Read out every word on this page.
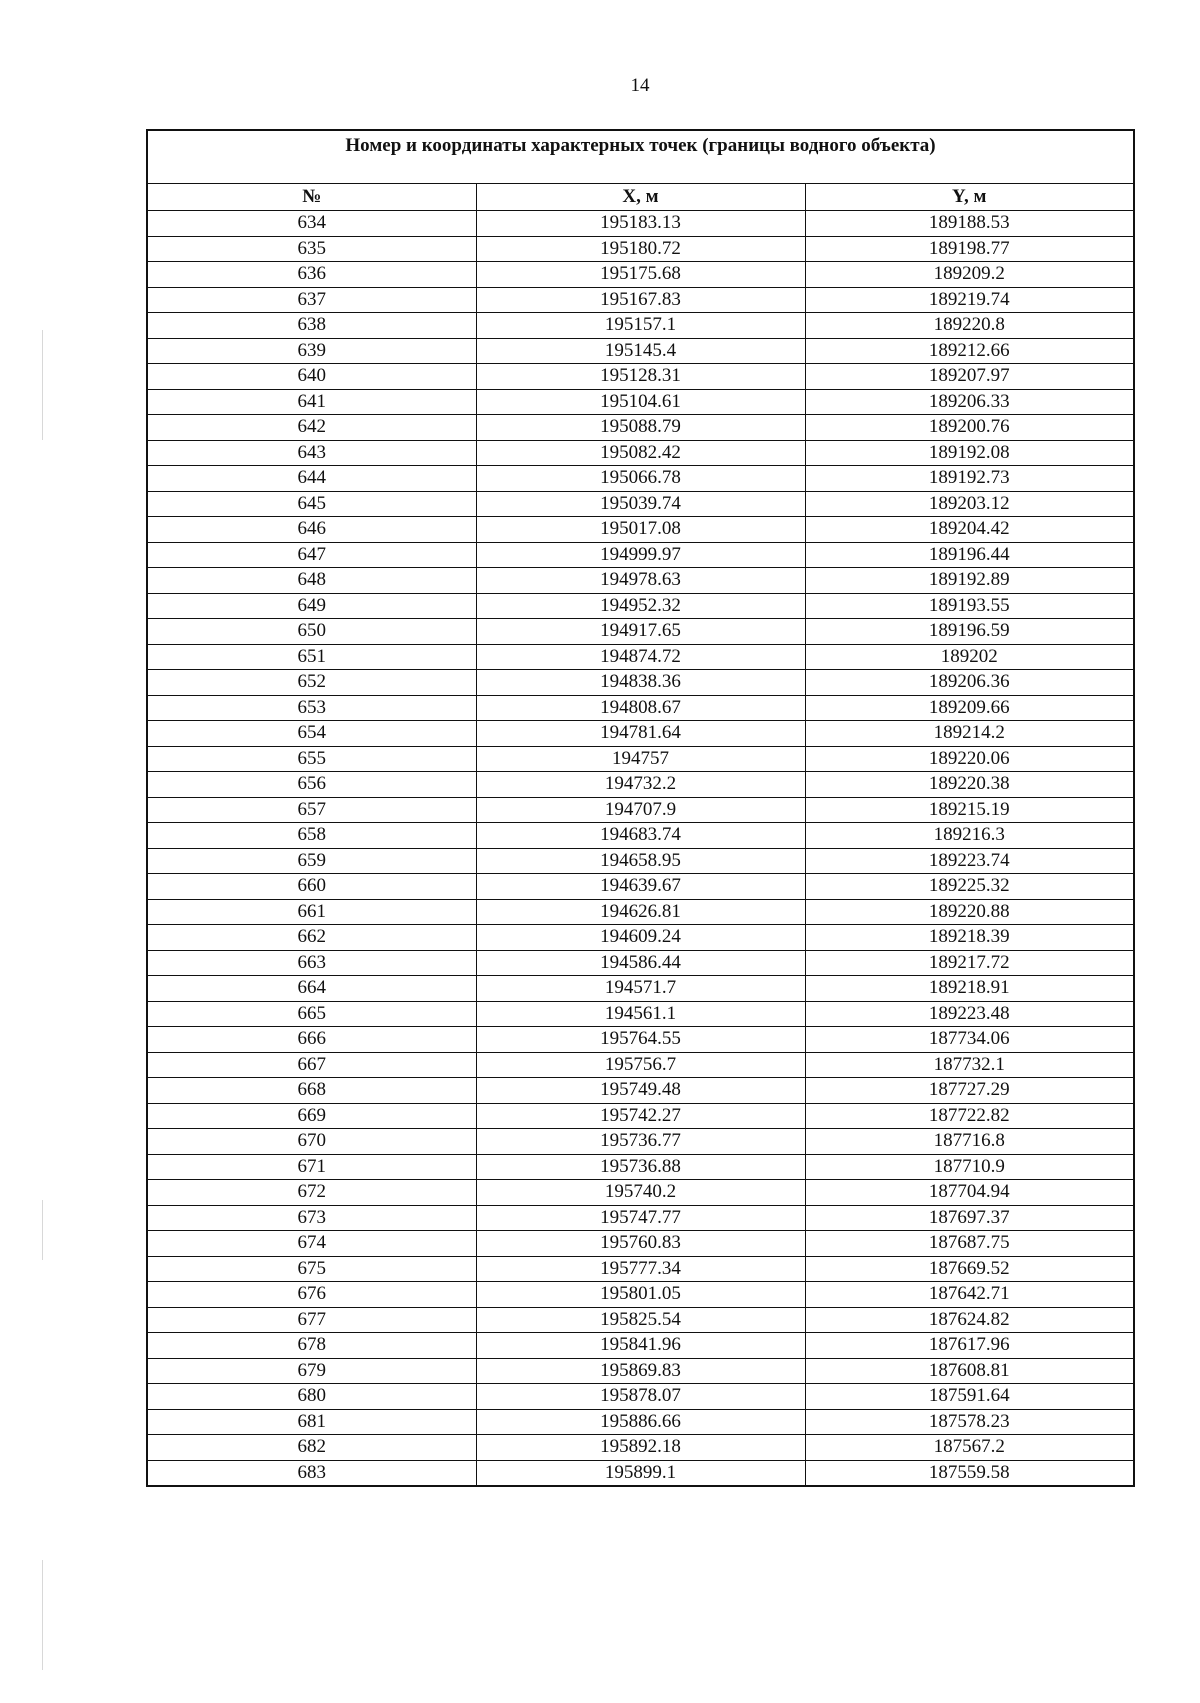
14
Номер и координаты характерных точек (границы водного объекта)		
№	X, м	Y, м
634	195183.13	189188.53
635	195180.72	189198.77
636	195175.68	189209.2
637	195167.83	189219.74
638	195157.1	189220.8
639	195145.4	189212.66
640	195128.31	189207.97
641	195104.61	189206.33
642	195088.79	189200.76
643	195082.42	189192.08
644	195066.78	189192.73
645	195039.74	189203.12
646	195017.08	189204.42
647	194999.97	189196.44
648	194978.63	189192.89
649	194952.32	189193.55
650	194917.65	189196.59
651	194874.72	189202
652	194838.36	189206.36
653	194808.67	189209.66
654	194781.64	189214.2
655	194757	189220.06
656	194732.2	189220.38
657	194707.9	189215.19
658	194683.74	189216.3
659	194658.95	189223.74
660	194639.67	189225.32
661	194626.81	189220.88
662	194609.24	189218.39
663	194586.44	189217.72
664	194571.7	189218.91
665	194561.1	189223.48
666	195764.55	187734.06
667	195756.7	187732.1
668	195749.48	187727.29
669	195742.27	187722.82
670	195736.77	187716.8
671	195736.88	187710.9
672	195740.2	187704.94
673	195747.77	187697.37
674	195760.83	187687.75
675	195777.34	187669.52
676	195801.05	187642.71
677	195825.54	187624.82
678	195841.96	187617.96
679	195869.83	187608.81
680	195878.07	187591.64
681	195886.66	187578.23
682	195892.18	187567.2
683	195899.1	187559.58
